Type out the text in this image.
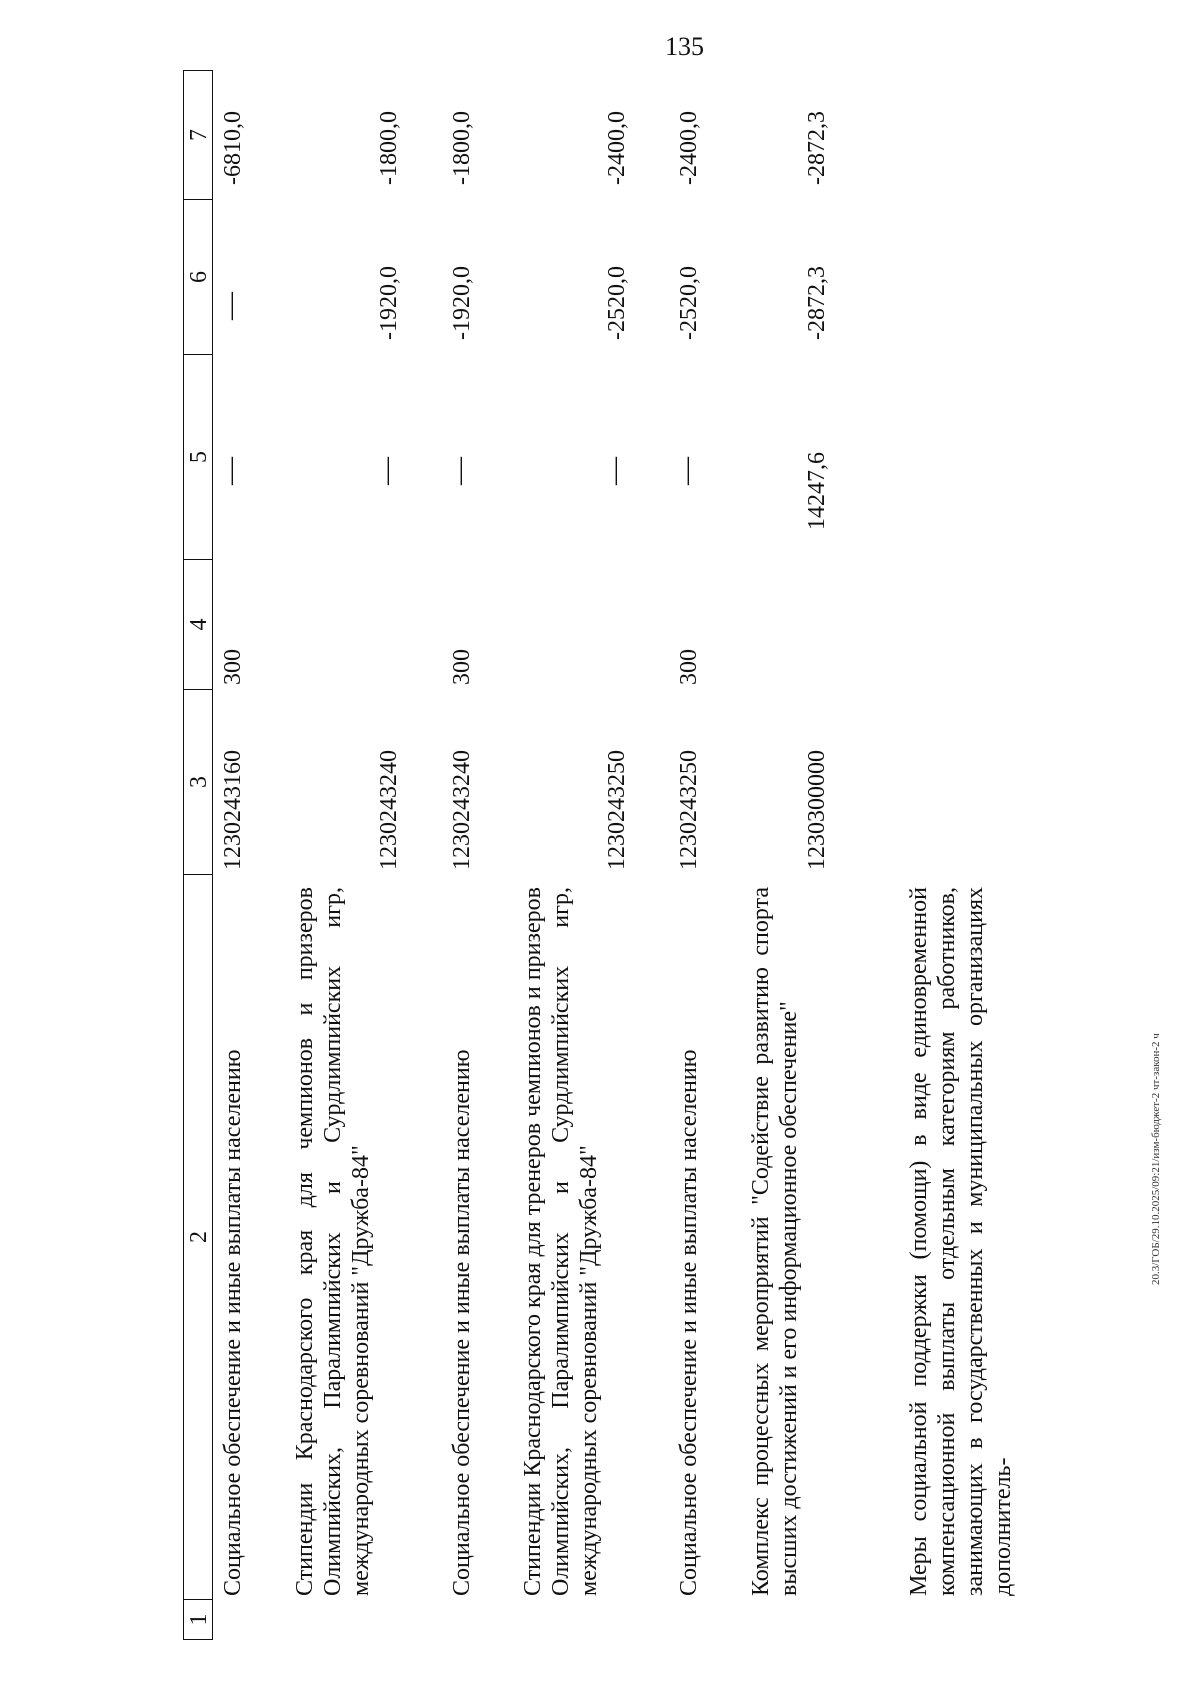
135
20.3/ГОБ/29.10.2025/09:21/изм-бюджет-2 чт-закон-2 ч
1
2
3
4
5
6
7
Социальное обеспечение и иные выплаты населению
1230243160
300
—
—
-6810,0
Стипендии Краснодарского края для чемпионов и призеров Олимпийских, Паралимпийских и Сурдлимпийских игр, международных соревнований "Дружба-84"
1230243240
—
-1920,0
-1800,0
Социальное обеспечение и иные выплаты населению
1230243240
300
—
-1920,0
-1800,0
Стипендии Краснодарского края для тренеров чемпионов и призеров Олимпийских, Паралимпийских и Сурдлимпийских игр, международных соревнований "Дружба-84"
1230243250
—
-2520,0
-2400,0
Социальное обеспечение и иные выплаты населению
1230243250
300
—
-2520,0
-2400,0
Комплекс процессных мероприятий "Содействие развитию спорта высших достижений и его информационное обеспечение"
1230300000
14247,6
-2872,3
-2872,3
Меры социальной поддержки (помощи) в виде единовременной компенсационной выплаты отдельным категориям работников, занимающих в государственных и муниципальных организациях дополнитель-
